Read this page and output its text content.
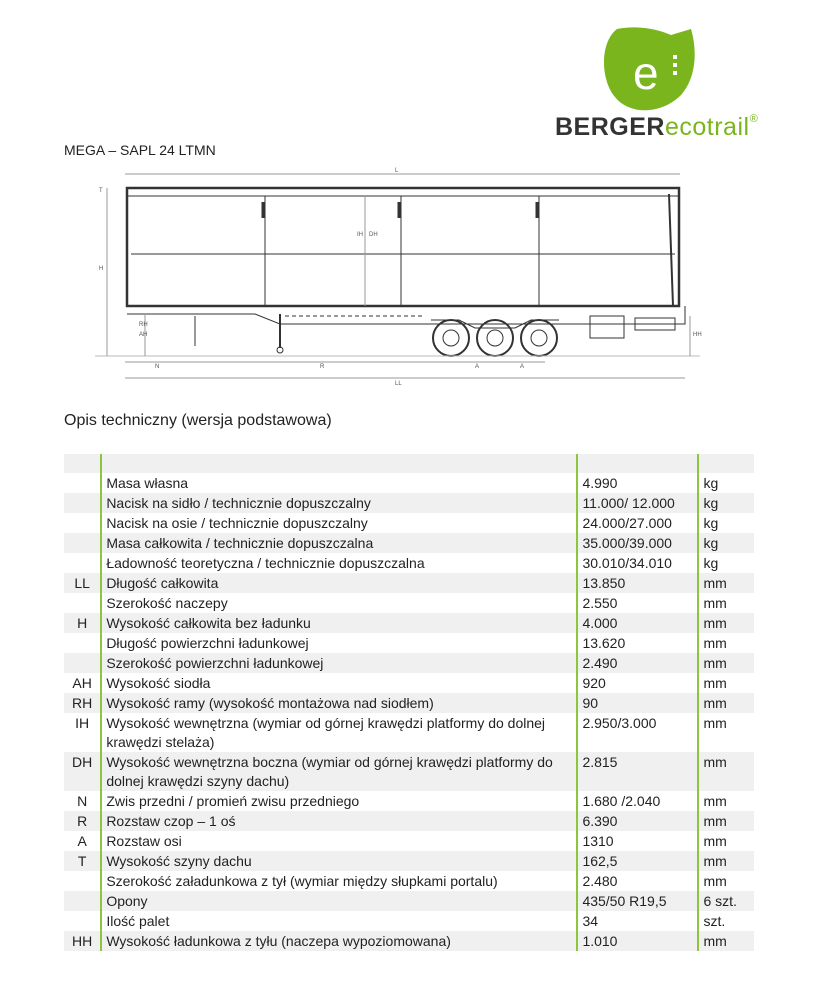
e
BERGERecotrail®
MEGA – SAPL 24 LTMN
L
LL
H
AH
RH
IH DH
HH
N	R	A	A
T
Opis techniczny (wersja podstawowa)

	Masa własna	4.990	kg
	Nacisk na sidło / technicznie dopuszczalny	11.000/ 12.000	kg
	Nacisk na osie / technicznie dopuszczalny	24.000/27.000	kg
	Masa całkowita / technicznie dopuszczalna	35.000/39.000	kg
	Ładowność teoretyczna / technicznie dopuszczalna	30.010/34.010	kg
LL	Długość całkowita	13.850	mm
	Szerokość naczepy	2.550	mm
H	Wysokość całkowita bez ładunku	4.000	mm
	Długość powierzchni ładunkowej	13.620	mm
	Szerokość powierzchni ładunkowej	2.490	mm
AH	Wysokość siodła	920	mm
RH	Wysokość ramy (wysokość montażowa nad siodłem)	90	mm
IH	Wysokość wewnętrzna (wymiar od górnej krawędzi platformy do dolnej krawędzi stelaża)	2.950/3.000	mm
DH	Wysokość wewnętrzna boczna (wymiar od górnej krawędzi platformy do dolnej krawędzi szyny dachu)	2.815	mm
N	Zwis przedni / promień zwisu przedniego	1.680 /2.040	mm
R	Rozstaw czop – 1 oś	6.390	mm
A	Rozstaw osi	1310	mm
T	Wysokość szyny dachu	162,5	mm
	Szerokość załadunkowa z tył (wymiar między słupkami portalu)	2.480	mm
	Opony	435/50 R19,5	6 szt.
	Ilość palet	34	szt.
HH	Wysokość ładunkowa z tyłu (naczepa wypoziomowana)	1.010	mm
